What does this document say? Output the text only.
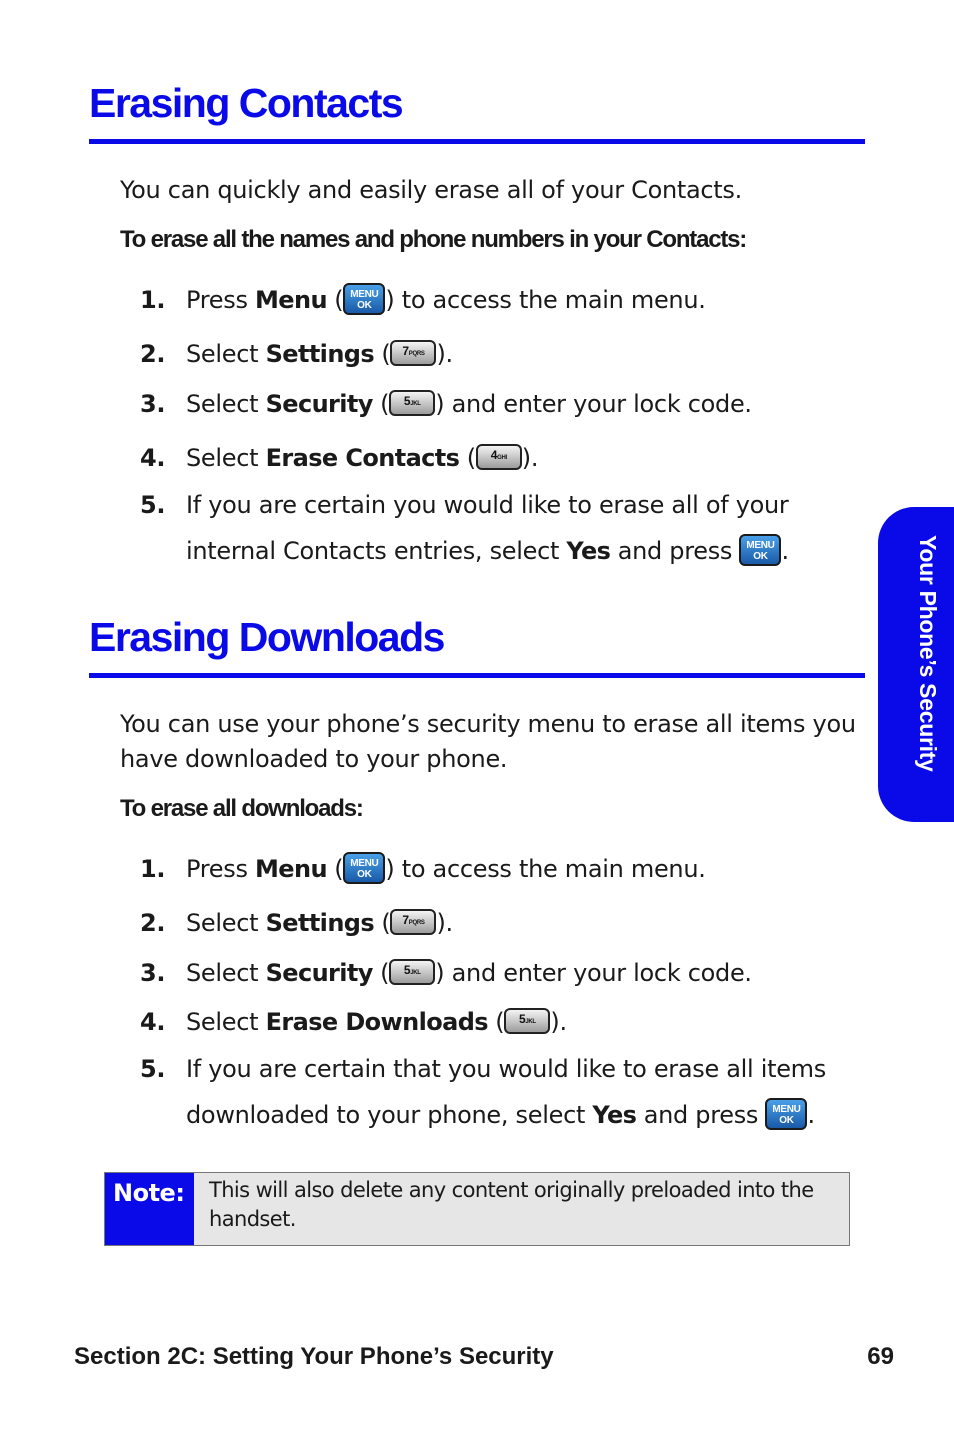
Your Phone’s Security
Erasing Contacts

You can quickly and easily erase all of your Contacts.

To erase all the names and phone numbers in your Contacts:

1. Press Menu ( MENU
OK ) to access the main menu.
2. Select Settings ( 7PQRS ).
3. Select Security ( 5JKL ) and enter your lock code.
4. Select Erase Contacts ( 4GHI ).
5. If you are certain you would like to erase all of your
internal Contacts entries, select Yes and press MENU
OK .
Erasing Downloads

You can use your phone’s security menu to erase all items you have downloaded to your phone.

To erase all downloads:

1. Press Menu ( MENU
OK ) to access the main menu.
2. Select Settings ( 7PQRS ).
3. Select Security ( 5JKL ) and enter your lock code.
4. Select Erase Downloads ( 5JKL ).
5. If you are certain that you would like to erase all items
downloaded to your phone, select Yes and press MENU
OK .
Note:	This will also delete any content originally preloaded into the handset.
Section 2C: Setting Your Phone’s Security	69
